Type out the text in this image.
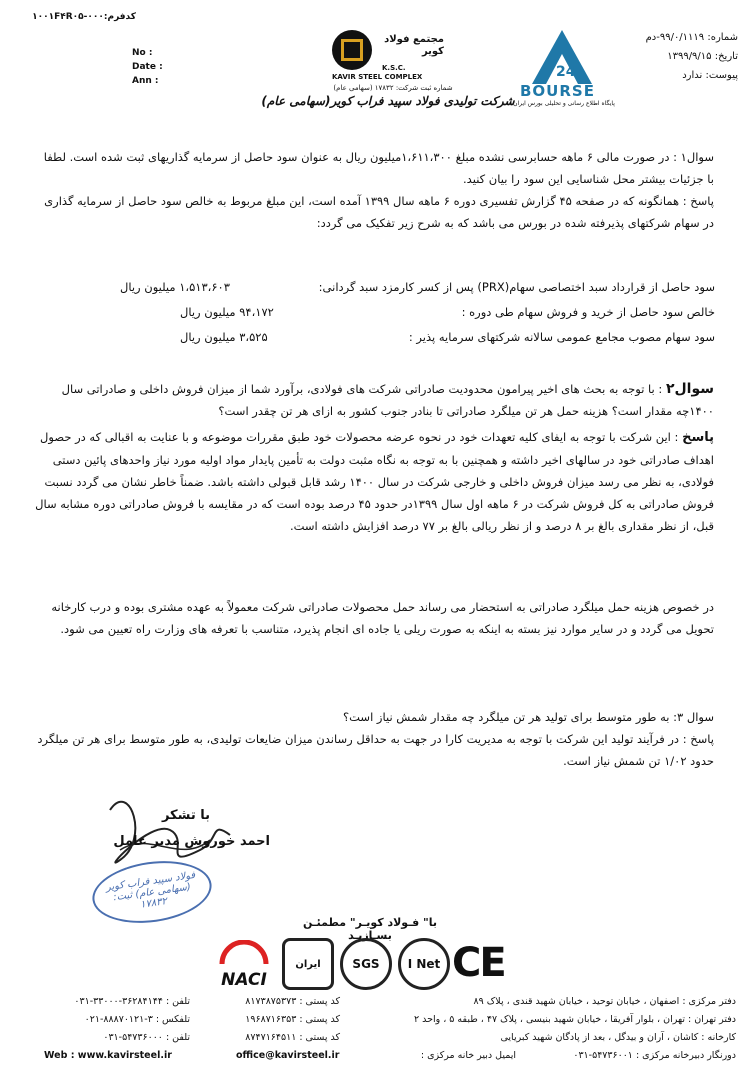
کدفرم:۱۰۰۱F۴R۰۵-۰۰۰
No :
Date :
Ann :
مجتمع فولاد کویر
KAVIR STEEL COMPLEX
K.S.C.
شماره ثبت شرکت: ۱۷۸۳۲ (سهامی عام)
شرکت تولیدی فولاد سپید فراب کویر(سهامی عام)
24
BOURSE
پایگاه اطلاع رسانی و تحلیلی بورس ایران
شماره: ۹۹/۰/۱۱۱۹-دم
تاریخ: ۱۳۹۹/۹/۱۵
پیوست: ندارد
سوال۱ : در صورت مالی ۶ ماهه حسابرسی نشده مبلغ ۱،۶۱۱،۳۰۰میلیون ریال به عنوان سود حاصل از سرمایه گذاریهای ثبت شده است. لطفا با جزئیات بیشتر محل شناسایی این سود را بیان کنید.
پاسخ : همانگونه که در صفحه ۴۵ گزارش تفسیری دوره ۶ ماهه سال ۱۳۹۹ آمده است، این مبلغ مربوط به خالص سود حاصل از سرمایه گذاری در سهام شرکتهای پذیرفته شده در بورس می باشد که به شرح زیر تفکیک می گردد:
سود حاصل از قرارداد سبد اختصاصی سهام(PRX) پس از کسر کارمزد سبد گردانی:
۱،۵۱۳،۶۰۳ میلیون ریال
خالص سود حاصل از خرید و فروش سهام طی دوره :
۹۴،۱۷۲ میلیون ریال
سود سهام مصوب مجامع عمومی سالانه شرکتهای سرمایه پذیر :
۳،۵۲۵ میلیون ریال
سوال۲ : با توجه به بحث های اخیر پیرامون محدودیت صادراتی شرکت های فولادی، برآورد شما از میزان فروش داخلی و صادراتی سال ۱۴۰۰چه مقدار است؟ هزینه حمل هر تن میلگرد صادراتی تا بنادر جنوب کشور به ازای هر تن چقدر است؟
پاسخ : این شرکت با توجه به ایفای کلیه تعهدات خود در نحوه عرضه محصولات خود طبق مقررات موضوعه و با عنایت به اقبالی که در حصول اهداف صادراتی خود در سالهای اخیر داشته و همچنین با به توجه به نگاه مثبت دولت به تأمین پایدار مواد اولیه مورد نیاز واحدهای پائین دستی فولادی، به نظر می رسد میزان فروش داخلی و خارجی شرکت در سال ۱۴۰۰ رشد قابل قبولی داشته باشد. ضمناً خاطر نشان می گردد نسبت فروش صادراتی به کل فروش شرکت در ۶ ماهه اول سال ۱۳۹۹در حدود ۴۵ درصد بوده است که در مقایسه با فروش صادراتی دوره مشابه سال قبل، از نظر مقداری بالغ بر ۸ درصد و از نظر ریالی بالغ بر ۷۷ درصد افزایش داشته است.
در خصوص هزینه حمل میلگرد صادراتی به استحضار می رساند حمل محصولات صادراتی شرکت معمولاً به عهده مشتری بوده و درب کارخانه تحویل می گردد و در سایر موارد نیز بسته به اینکه به صورت ریلی یا جاده ای انجام پذیرد، متناسب با تعرفه های وزارت راه تعیین می شود.
سوال ۳: به طور متوسط برای تولید هر تن میلگرد چه مقدار شمش نیاز است؟
پاسخ : در فرآیند تولید این شرکت با توجه به مدیریت کارا در جهت به حداقل رساندن میزان ضایعات تولیدی، به طور متوسط برای هر تن میلگرد حدود ۱/۰۲ تن شمش نیاز است.
با تشکر
احمد خوروش مدیر عامل
فولاد سپید فراب کویر (سهامی عام) ثبت: ۱۷۸۳۲
با" فـولاد کویـر" مطمئـن بسـازیـد
NACI
ایران	SGS I Net CE
دفتر مرکزی : اصفهان ، خیابان توحید ، خیابان شهید قندی ، پلاک ۸۹
کد پستی : ۸۱۷۳۸۷۵۳۷۳
تلفن : ۳۶۲۸۴۱۴۴-۳۳۰۰۰-۰۳۱
دفتر تهران : تهران ، بلوار آفریقا ، خیابان شهید بنیسی ، پلاک ۴۷ ، طبقه ۵ ، واحد ۲
کد پستی : ۱۹۶۸۷۱۶۳۵۳
تلفکس : ۳-۸۸۸۷۰۱۲۱-۰۲۱
کارخانه : کاشان ، آران و بیدگل ، بعد از پادگان شهید کبریایی
کد پستی : ۸۷۴۷۱۶۴۵۱۱
تلفن : ۵۴۷۳۶۰۰۰-۰۳۱
دورنگار دبیرخانه مرکزی : ۵۴۷۳۶۰۰۱-۰۳۱
ایمیل دبیر خانه مرکزی :
office@kavirsteel.ir
Web : www.kavirsteel.ir
